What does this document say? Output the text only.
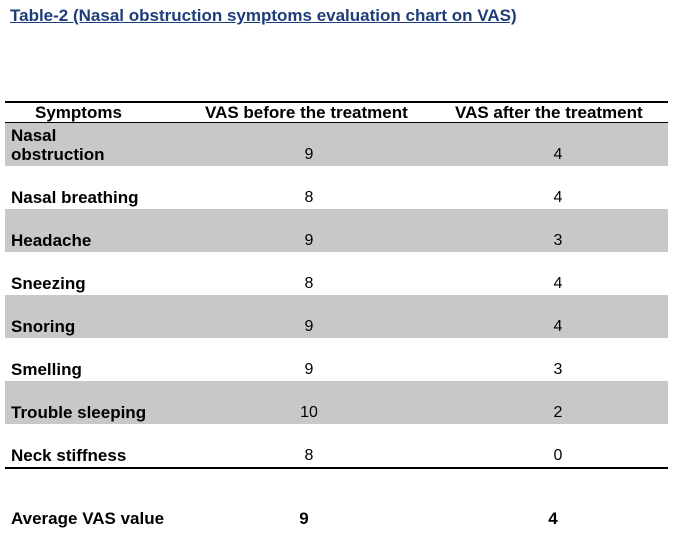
Table-2 (Nasal obstruction symptoms evaluation chart on VAS)
Symptoms	VAS before the treatment	VAS after the treatment
Nasal
obstruction	9	4
Nasal breathing	8	4
Headache	9	3
Sneezing	8	4
Snoring	9	4
Smelling	9	3
Trouble sleeping	10	2
Neck stiffness	8	0
Average VAS value	9	4
